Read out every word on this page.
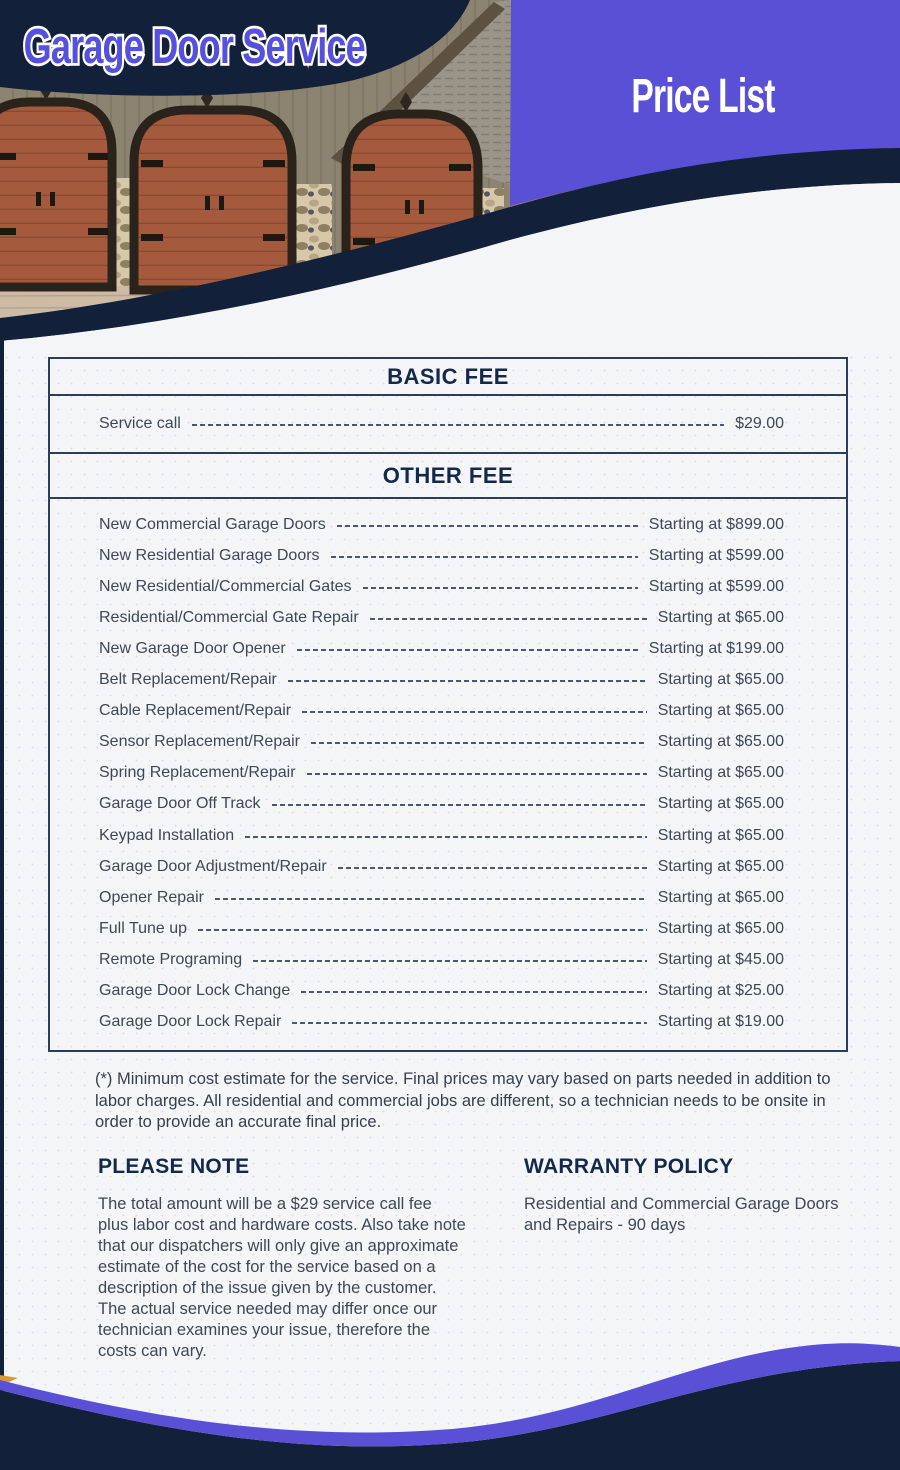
Garage Door Service
Price List
BASIC FEE
Service call	$29.00
OTHER FEE
New Commercial Garage Doors	Starting at $899.00
New Residential Garage Doors	Starting at $599.00
New Residential/Commercial Gates	Starting at $599.00
Residential/Commercial Gate Repair	Starting at $65.00
New Garage Door Opener	Starting at $199.00
Belt Replacement/Repair	Starting at $65.00
Cable Replacement/Repair	Starting at $65.00
Sensor Replacement/Repair	Starting at $65.00
Spring Replacement/Repair	Starting at $65.00
Garage Door Off Track	Starting at $65.00
Keypad Installation	Starting at $65.00
Garage Door Adjustment/Repair	Starting at $65.00
Opener Repair	Starting at $65.00
Full Tune up	Starting at $65.00
Remote Programing	Starting at $45.00
Garage Door Lock Change	Starting at $25.00
Garage Door Lock Repair	Starting at $19.00
(*) Minimum cost estimate for the service. Final prices may vary based on parts needed in addition to labor charges. All residential and commercial jobs are different, so a technician needs to be onsite in order to provide an accurate final price.
PLEASE NOTE
The total amount will be a $29 service call fee plus labor cost and hardware costs. Also take note that our dispatchers will only give an approximate estimate of the cost for the service based on a description of the issue given by the customer. The actual service needed may differ once our technician examines your issue, therefore the costs can vary.
WARRANTY POLICY
Residential and Commercial Garage Doors and Repairs - 90 days
